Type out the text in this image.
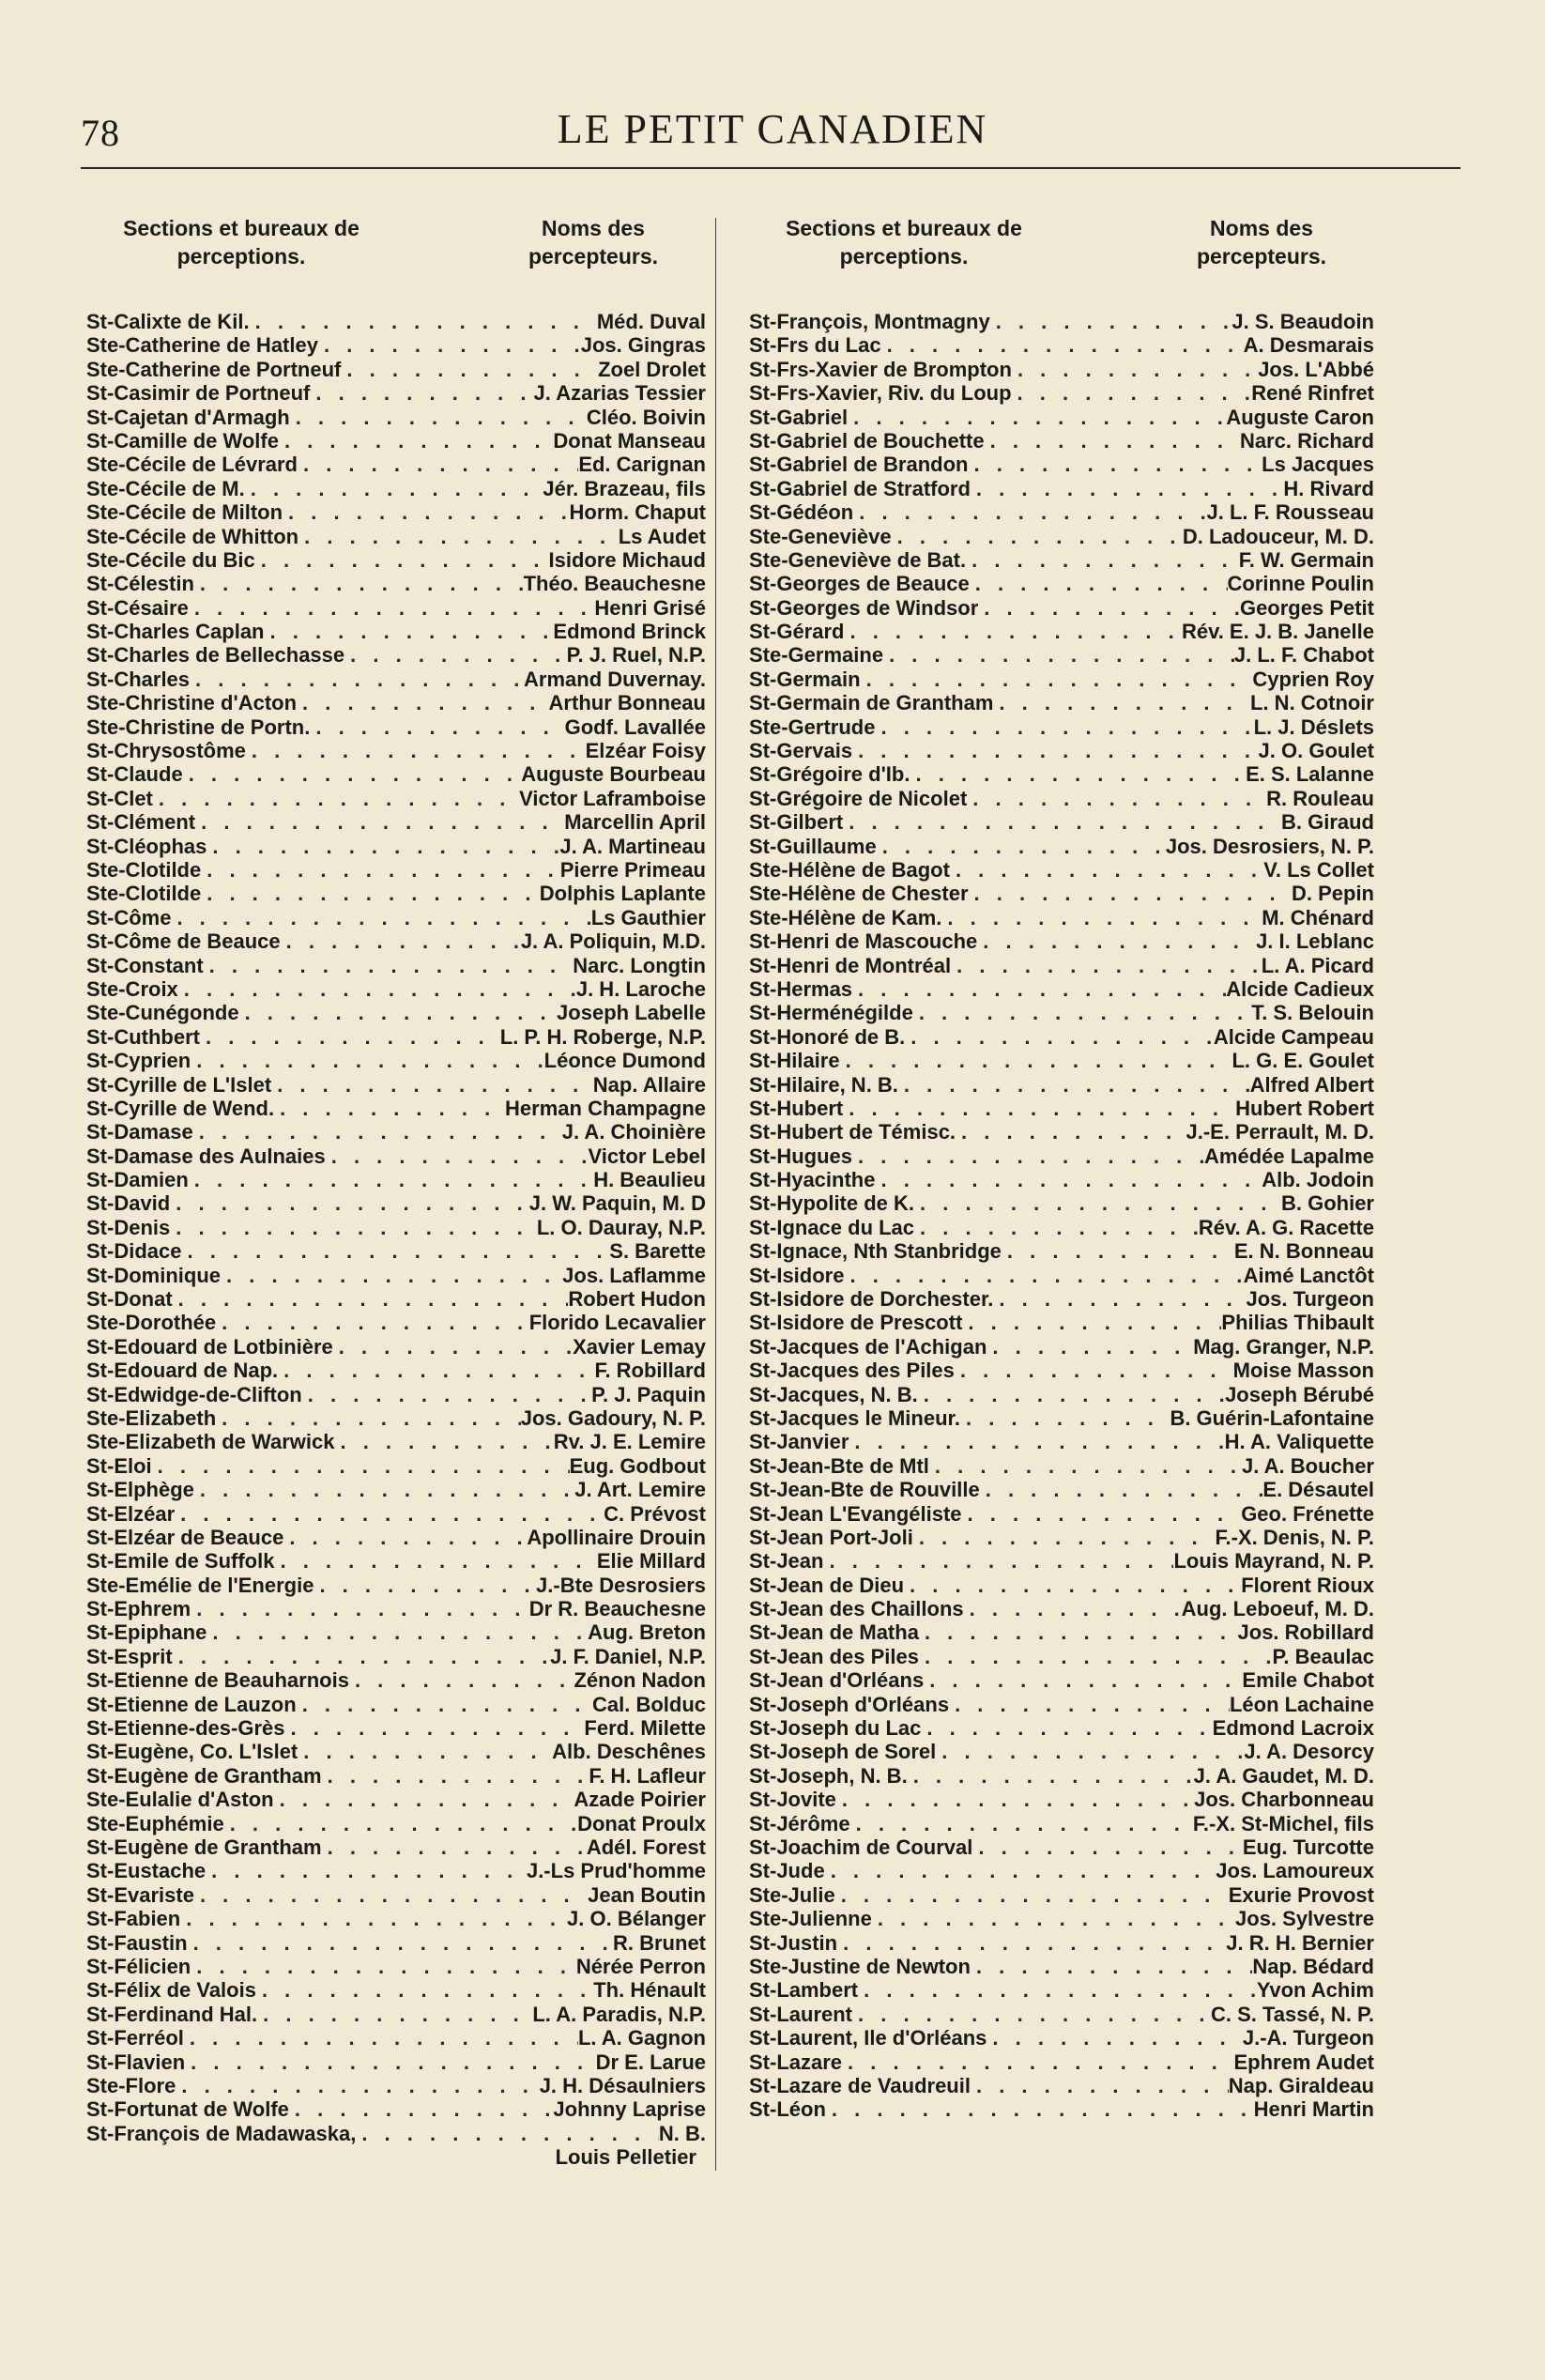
78	LE PETIT CANADIEN
Sections et bureaux de perceptions.
Noms des percepteurs.
St-Calixte de Kil. . . .	Méd. Duval
Ste-Catherine de Hatley . . .	Jos. Gingras
Ste-Catherine de Portneuf . . .	Zoel Drolet
St-Casimir de Portneuf . . .	J. Azarias Tessier
St-Cajetan d'Armagh . . .	Cléo. Boivin
St-Camille de Wolfe . . .	Donat Manseau
Ste-Cécile de Lévrard . . .	Ed. Carignan
Ste-Cécile de M. . . .	Jér. Brazeau, fils
Ste-Cécile de Milton . . .	Horm. Chaput
Ste-Cécile de Whitton . . .	Ls Audet
Ste-Cécile du Bic . . .	Isidore Michaud
St-Célestin . . .	Théo. Beauchesne
St-Césaire . . .	Henri Grisé
St-Charles Caplan . . .	Edmond Brinck
St-Charles de Bellechasse . . .	P. J. Ruel, N.P.
St-Charles . . .	Armand Duvernay.
Ste-Christine d'Acton . . .	Arthur Bonneau
Ste-Christine de Portn. . . .	Godf. Lavallée
St-Chrysostôme . . .	Elzéar Foisy
St-Claude . . .	Auguste Bourbeau
St-Clet . . .	Victor Laframboise
St-Clément . . .	Marcellin April
St-Cléophas . . .	J. A. Martineau
Ste-Clotilde . . .	Pierre Primeau
Ste-Clotilde . . .	Dolphis Laplante
St-Côme . . .	Ls Gauthier
St-Côme de Beauce . . .	J. A. Poliquin, M.D.
St-Constant . . .	Narc. Longtin
Ste-Croix . . .	J. H. Laroche
Ste-Cunégonde . . .	Joseph Labelle
St-Cuthbert . . .	L. P. H. Roberge, N.P.
St-Cyprien . . .	Léonce Dumond
St-Cyrille de L'Islet . . .	Nap. Allaire
St-Cyrille de Wend. . . .	Herman Champagne
St-Damase . . .	J. A. Choinière
St-Damase des Aulnaies . . .	Victor Lebel
St-Damien . . .	H. Beaulieu
St-David . . .	J. W. Paquin, M. D
St-Denis . . .	L. O. Dauray, N.P.
St-Didace . . .	S. Barette
St-Dominique . . .	Jos. Laflamme
St-Donat . . .	Robert Hudon
Ste-Dorothée . . .	Florido Lecavalier
St-Edouard de Lotbinière . . .	Xavier Lemay
St-Edouard de Nap. . . .	F. Robillard
St-Edwidge-de-Clifton . . .	P. J. Paquin
Ste-Elizabeth . . .	Jos. Gadoury, N. P.
Ste-Elizabeth de Warwick . . .	Rv. J. E. Lemire
St-Eloi . . .	Eug. Godbout
St-Elphège . . .	J. Art. Lemire
St-Elzéar . . .	C. Prévost
St-Elzéar de Beauce . . .	Apollinaire Drouin
St-Emile de Suffolk . . .	Elie Millard
Ste-Emélie de l'Energie . . .	J.-Bte Desrosiers
St-Ephrem . . .	Dr R. Beauchesne
St-Epiphane . . .	Aug. Breton
St-Esprit . . .	J. F. Daniel, N.P.
St-Etienne de Beauharnois . . .	Zénon Nadon
St-Etienne de Lauzon . . .	Cal. Bolduc
St-Etienne-des-Grès . . .	Ferd. Milette
St-Eugène, Co. L'Islet . . .	Alb. Deschênes
St-Eugène de Grantham . . .	F. H. Lafleur
Ste-Eulalie d'Aston . . .	Azade Poirier
Ste-Euphémie . . .	Donat Proulx
St-Eugène de Grantham . . .	Adél. Forest
St-Eustache . . .	J.-Ls Prud'homme
St-Evariste . . .	Jean Boutin
St-Fabien . . .	J. O. Bélanger
St-Faustin . . .	R. Brunet
St-Félicien . . .	Nérée Perron
St-Félix de Valois . . .	Th. Hénault
St-Ferdinand Hal. . . .	L. A. Paradis, N.P.
St-Ferréol . . .	L. A. Gagnon
St-Flavien . . .	Dr E. Larue
Ste-Flore . . .	J. H. Désaulniers
St-Fortunat de Wolfe . . .	Johnny Laprise
St-François de Madawaska, . . .	N. B.
Louis Pelletier
Sections et bureaux de perceptions.
Noms des percepteurs.
St-François, Montmagny . . .	J. S. Beaudoin
St-Frs du Lac . . .	A. Desmarais
St-Frs-Xavier de Brompton . . .	Jos. L'Abbé
St-Frs-Xavier, Riv. du Loup . . .	René Rinfret
St-Gabriel . . .	Auguste Caron
St-Gabriel de Bouchette . . .	Narc. Richard
St-Gabriel de Brandon . . .	Ls Jacques
St-Gabriel de Stratford . . .	H. Rivard
St-Gédéon . . .	J. L. F. Rousseau
Ste-Geneviève . . .	D. Ladouceur, M. D.
Ste-Geneviève de Bat. . . .	F. W. Germain
St-Georges de Beauce . . .	Corinne Poulin
St-Georges de Windsor . . .	Georges Petit
St-Gérard . . .	Rév. E. J. B. Janelle
Ste-Germaine . . .	J. L. F. Chabot
St-Germain . . .	Cyprien Roy
St-Germain de Grantham . . .	L. N. Cotnoir
Ste-Gertrude . . .	L. J. Déslets
St-Gervais . . .	J. O. Goulet
St-Grégoire d'Ib. . . .	E. S. Lalanne
St-Grégoire de Nicolet . . .	R. Rouleau
St-Gilbert . . .	B. Giraud
St-Guillaume . . .	Jos. Desrosiers, N. P.
Ste-Hélène de Bagot . . .	V. Ls Collet
Ste-Hélène de Chester . . .	D. Pepin
Ste-Hélène de Kam. . . .	M. Chénard
St-Henri de Mascouche . . .	J. I. Leblanc
St-Henri de Montréal . . .	L. A. Picard
St-Hermas . . .	Alcide Cadieux
St-Herménégilde . . .	T. S. Belouin
St-Honoré de B. . . .	Alcide Campeau
St-Hilaire . . .	L. G. E. Goulet
St-Hilaire, N. B. . . .	Alfred Albert
St-Hubert . . .	Hubert Robert
St-Hubert de Témisc. . . .	J.-E. Perrault, M. D.
St-Hugues . . .	Amédée Lapalme
St-Hyacinthe . . .	Alb. Jodoin
St-Hypolite de K. . . .	B. Gohier
St-Ignace du Lac . . .	Rév. A. G. Racette
St-Ignace, Nth Stanbridge . . .	E. N. Bonneau
St-Isidore . . .	Aimé Lanctôt
St-Isidore de Dorchester. . . .	Jos. Turgeon
St-Isidore de Prescott . . .	Philias Thibault
St-Jacques de l'Achigan . . .	Mag. Granger, N.P.
St-Jacques des Piles . . .	Moise Masson
St-Jacques, N. B. . . .	Joseph Bérubé
St-Jacques le Mineur. . . .	B. Guérin-Lafontaine
St-Janvier . . .	H. A. Valiquette
St-Jean-Bte de Mtl . . .	J. A. Boucher
St-Jean-Bte de Rouville . . .	E. Désautel
St-Jean L'Evangéliste . . .	Geo. Frénette
St-Jean Port-Joli . . .	F.-X. Denis, N. P.
St-Jean . . .	Louis Mayrand, N. P.
St-Jean de Dieu . . .	Florent Rioux
St-Jean des Chaillons . . .	Aug. Leboeuf, M. D.
St-Jean de Matha . . .	Jos. Robillard
St-Jean des Piles . . .	P. Beaulac
St-Jean d'Orléans . . .	Emile Chabot
St-Joseph d'Orléans . . .	Léon Lachaine
St-Joseph du Lac . . .	Edmond Lacroix
St-Joseph de Sorel . . .	J. A. Desorcy
St-Joseph, N. B. . . .	J. A. Gaudet, M. D.
St-Jovite . . .	Jos. Charbonneau
St-Jérôme . . .	F.-X. St-Michel, fils
St-Joachim de Courval . . .	Eug. Turcotte
St-Jude . . .	Jos. Lamoureux
Ste-Julie . . .	Exurie Provost
Ste-Julienne . . .	Jos. Sylvestre
St-Justin . . .	J. R. H. Bernier
Ste-Justine de Newton . . .	Nap. Bédard
St-Lambert . . .	Yvon Achim
St-Laurent . . .	C. S. Tassé, N. P.
St-Laurent, Ile d'Orléans . . .	J.-A. Turgeon
St-Lazare . . .	Ephrem Audet
St-Lazare de Vaudreuil . . .	Nap. Giraldeau
St-Léon . . .	Henri Martin
